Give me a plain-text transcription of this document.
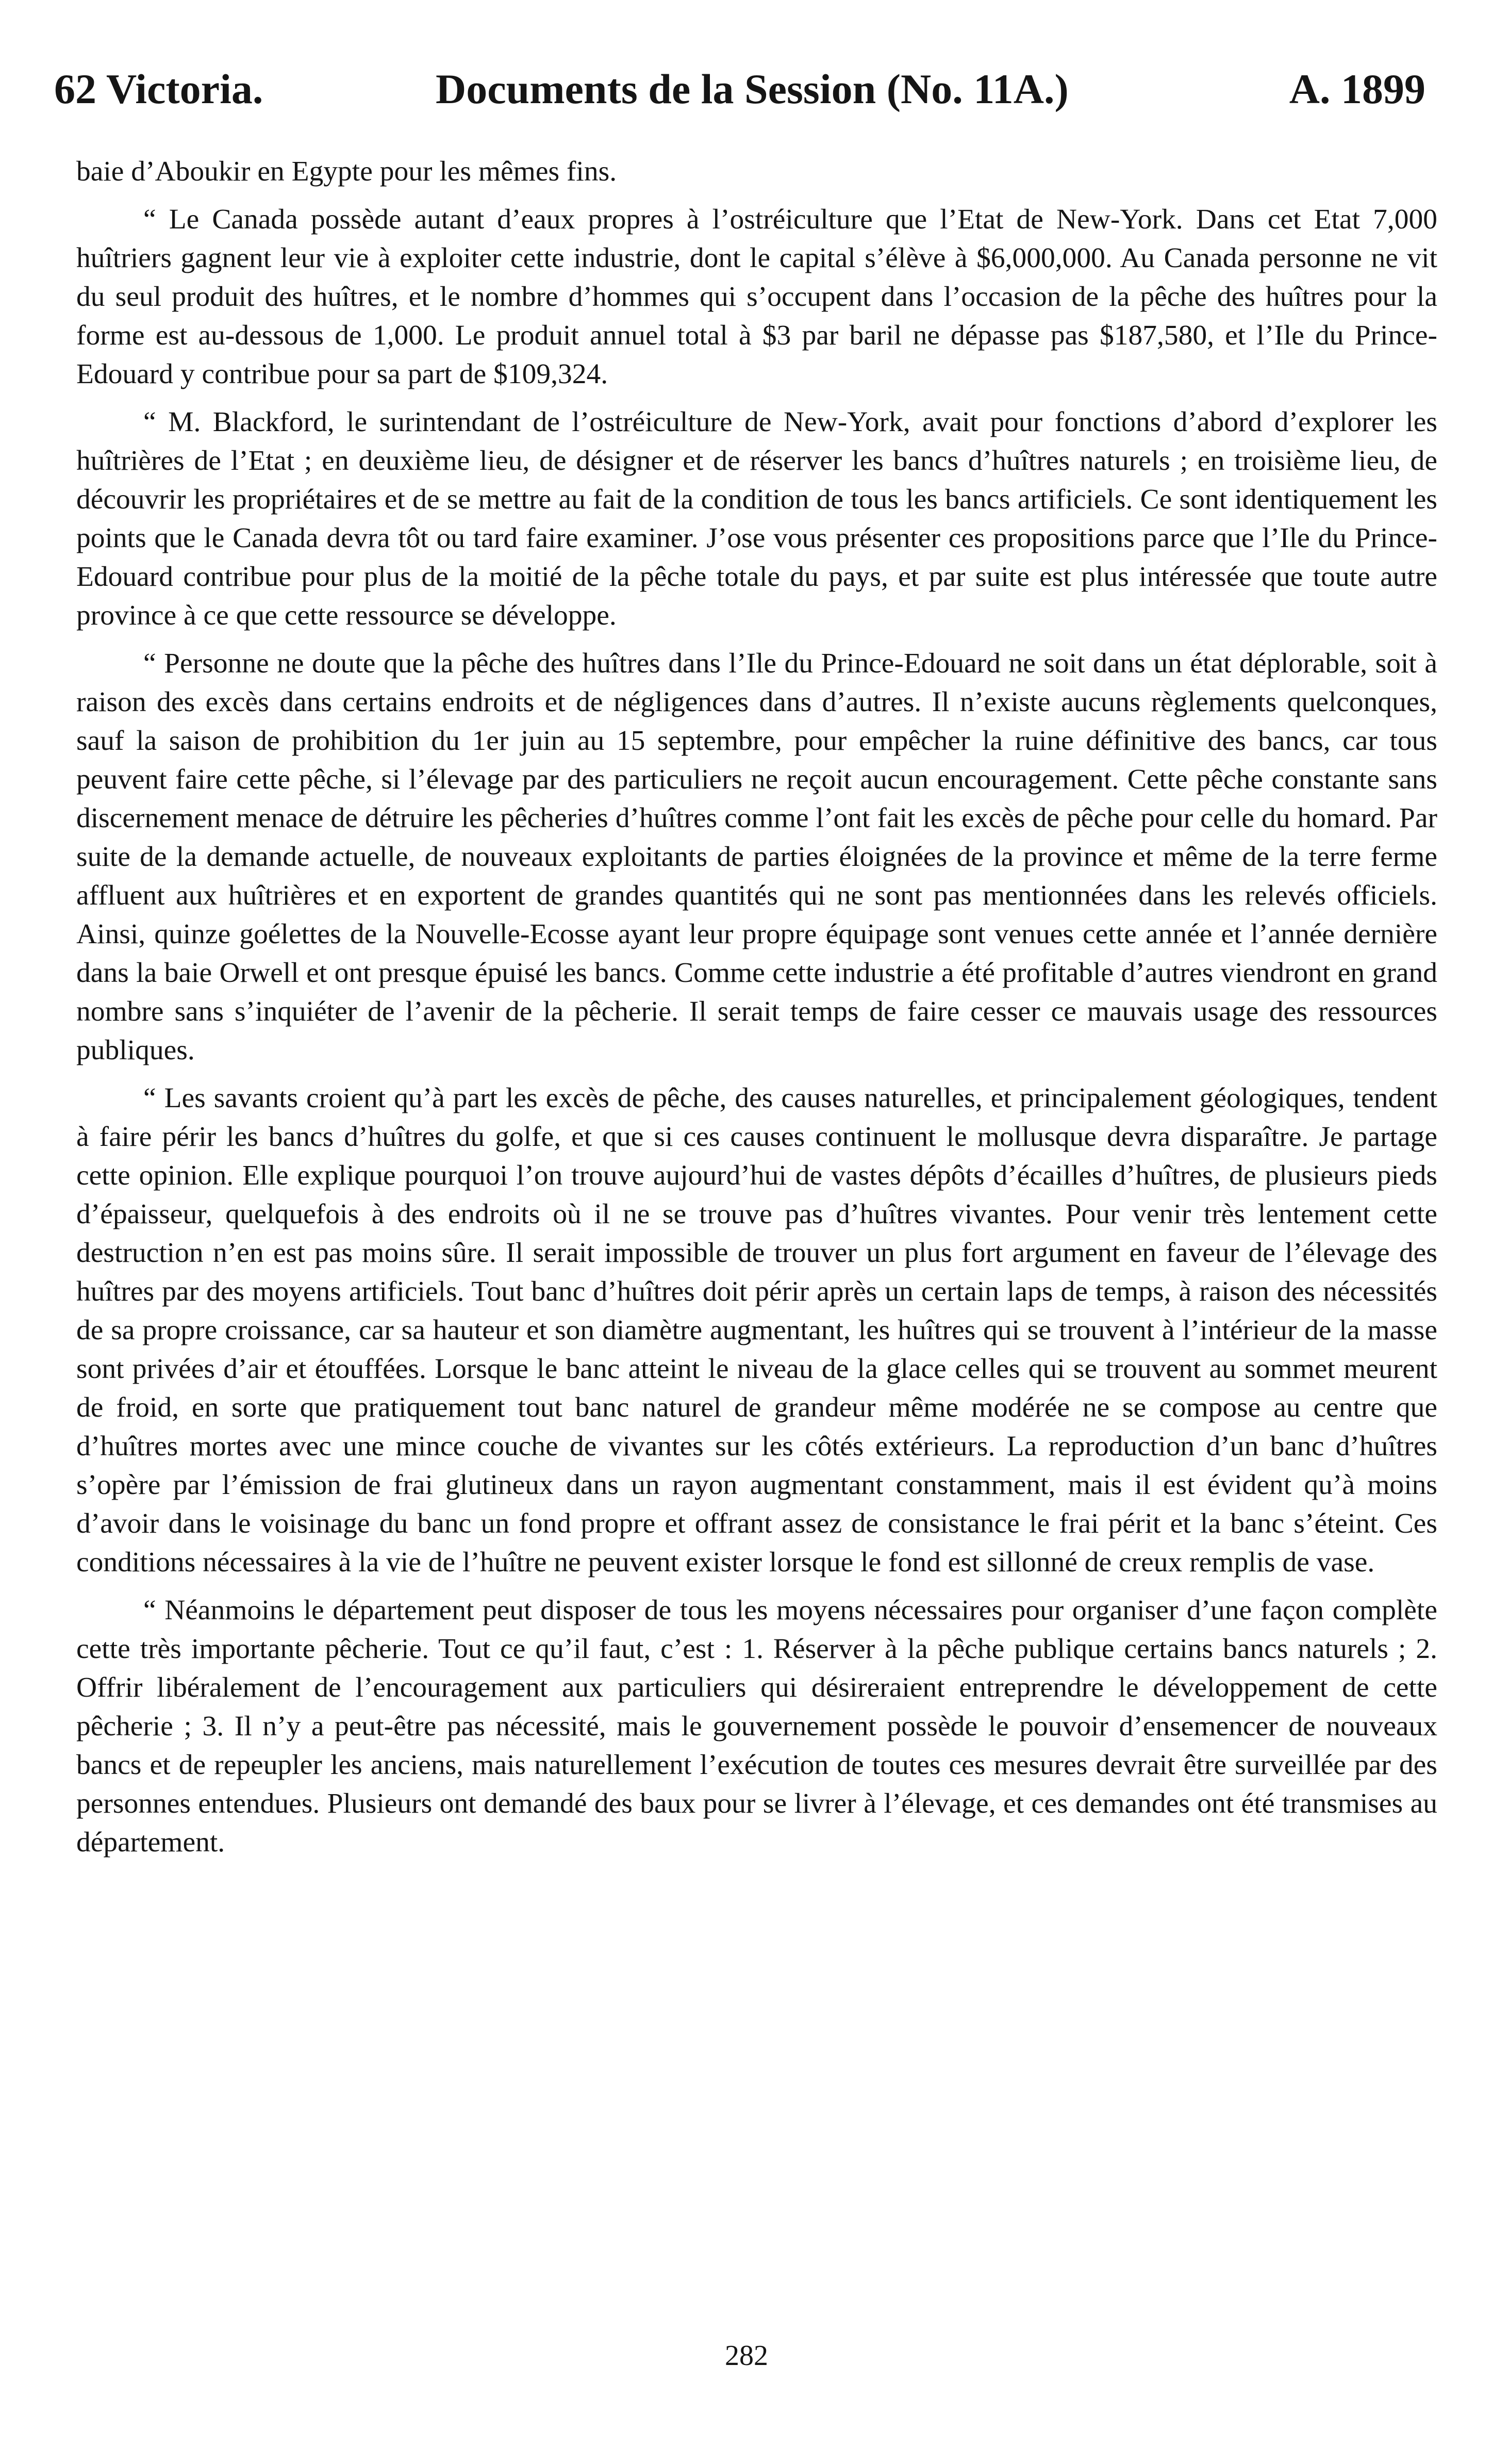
62 Victoria.	Documents de la Session (No. 11A.)	A. 1899

baie d’Aboukir en Egypte pour les mêmes fins.

“ Le Canada possède autant d’eaux propres à l’ostréiculture que l’Etat de New-York. Dans cet Etat 7,000 huîtriers gagnent leur vie à exploiter cette industrie, dont le capital s’élève à $6,000,000. Au Canada personne ne vit du seul produit des huîtres, et le nombre d’hommes qui s’occupent dans l’occasion de la pêche des huîtres pour la forme est au-dessous de 1,000. Le produit annuel total à $3 par baril ne dépasse pas $187,580, et l’Ile du Prince-Edouard y contribue pour sa part de $109,324.

“ M. Blackford, le surintendant de l’ostréiculture de New-York, avait pour fonctions d’abord d’explorer les huîtrières de l’Etat ; en deuxième lieu, de désigner et de réserver les bancs d’huîtres naturels ; en troisième lieu, de découvrir les propriétaires et de se mettre au fait de la condition de tous les bancs artificiels. Ce sont identiquement les points que le Canada devra tôt ou tard faire examiner. J’ose vous présenter ces propositions parce que l’Ile du Prince-Edouard contribue pour plus de la moitié de la pêche totale du pays, et par suite est plus intéressée que toute autre province à ce que cette ressource se développe.

“ Personne ne doute que la pêche des huîtres dans l’Ile du Prince-Edouard ne soit dans un état déplorable, soit à raison des excès dans certains endroits et de négligences dans d’autres. Il n’existe aucuns règlements quelconques, sauf la saison de prohibition du 1er juin au 15 septembre, pour empêcher la ruine définitive des bancs, car tous peuvent faire cette pêche, si l’élevage par des particuliers ne reçoit aucun encouragement. Cette pêche constante sans discernement menace de détruire les pêcheries d’huîtres comme l’ont fait les excès de pêche pour celle du homard. Par suite de la demande actuelle, de nouveaux exploitants de parties éloignées de la province et même de la terre ferme affluent aux huîtrières et en exportent de grandes quantités qui ne sont pas mentionnées dans les relevés officiels. Ainsi, quinze goélettes de la Nouvelle-Ecosse ayant leur propre équipage sont venues cette année et l’année dernière dans la baie Orwell et ont presque épuisé les bancs. Comme cette industrie a été profitable d’autres viendront en grand nombre sans s’inquiéter de l’avenir de la pêcherie. Il serait temps de faire cesser ce mauvais usage des ressources publiques.

“ Les savants croient qu’à part les excès de pêche, des causes naturelles, et principalement géologiques, tendent à faire périr les bancs d’huîtres du golfe, et que si ces causes continuent le mollusque devra disparaître. Je partage cette opinion. Elle explique pourquoi l’on trouve aujourd’hui de vastes dépôts d’écailles d’huîtres, de plusieurs pieds d’épaisseur, quelquefois à des endroits où il ne se trouve pas d’huîtres vivantes. Pour venir très lentement cette destruction n’en est pas moins sûre. Il serait impossible de trouver un plus fort argument en faveur de l’élevage des huîtres par des moyens artificiels. Tout banc d’huîtres doit périr après un certain laps de temps, à raison des nécessités de sa propre croissance, car sa hauteur et son diamètre augmentant, les huîtres qui se trouvent à l’intérieur de la masse sont privées d’air et étouffées. Lorsque le banc atteint le niveau de la glace celles qui se trouvent au sommet meurent de froid, en sorte que pratiquement tout banc naturel de grandeur même modérée ne se compose au centre que d’huîtres mortes avec une mince couche de vivantes sur les côtés extérieurs. La reproduction d’un banc d’huîtres s’opère par l’émission de frai glutineux dans un rayon augmentant constamment, mais il est évident qu’à moins d’avoir dans le voisinage du banc un fond propre et offrant assez de consistance le frai périt et la banc s’éteint. Ces conditions nécessaires à la vie de l’huître ne peuvent exister lorsque le fond est sillonné de creux remplis de vase.

“ Néanmoins le département peut disposer de tous les moyens nécessaires pour organiser d’une façon complète cette très importante pêcherie. Tout ce qu’il faut, c’est : 1. Réserver à la pêche publique certains bancs naturels ; 2. Offrir libéralement de l’encouragement aux particuliers qui désireraient entreprendre le développement de cette pêcherie ; 3. Il n’y a peut-être pas nécessité, mais le gouvernement possède le pouvoir d’ensemencer de nouveaux bancs et de repeupler les anciens, mais naturellement l’exécution de toutes ces mesures devrait être surveillée par des personnes entendues. Plusieurs ont demandé des baux pour se livrer à l’élevage, et ces demandes ont été transmises au département.

282
